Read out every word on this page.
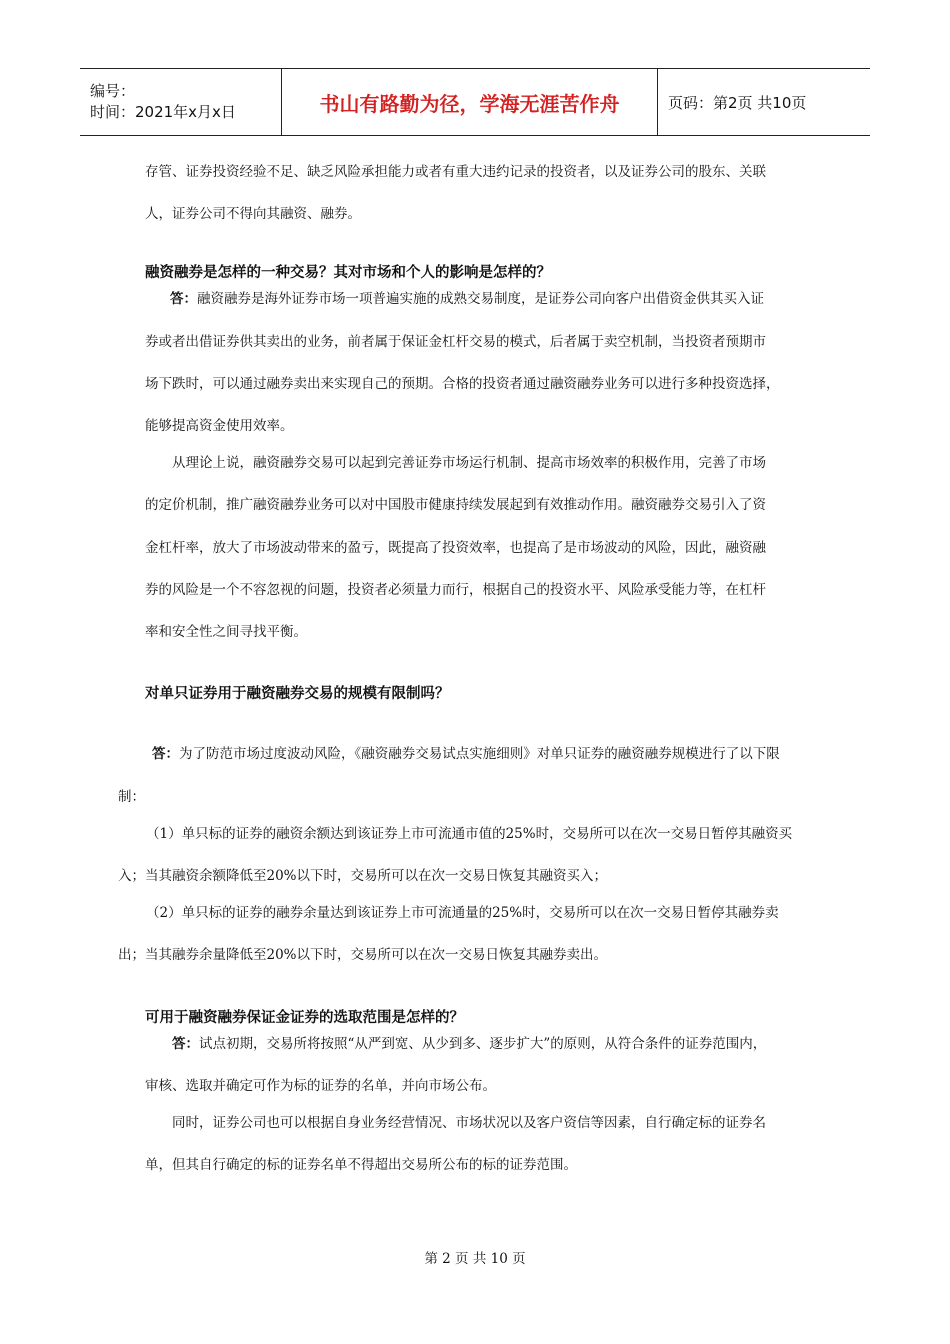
编号：
时间：2021年x月x日	书山有路勤为径，学海无涯苦作舟	页码：第2页 共10页
存管、证券投资经验不足、缺乏风险承担能力或者有重大违约记录的投资者，以及证券公司的股东、关联
人，证券公司不得向其融资、融券。
融资融券是怎样的一种交易？其对市场和个人的影响是怎样的？
答：融资融券是海外证券市场一项普遍实施的成熟交易制度，是证券公司向客户出借资金供其买入证
券或者出借证券供其卖出的业务，前者属于保证金杠杆交易的模式，后者属于卖空机制，当投资者预期市
场下跌时，可以通过融券卖出来实现自己的预期。合格的投资者通过融资融券业务可以进行多种投资选择，
能够提高资金使用效率。
从理论上说，融资融券交易可以起到完善证券市场运行机制、提高市场效率的积极作用，完善了市场
的定价机制，推广融资融券业务可以对中国股市健康持续发展起到有效推动作用。融资融券交易引入了资
金杠杆率，放大了市场波动带来的盈亏，既提高了投资效率，也提高了是市场波动的风险，因此，融资融
券的风险是一个不容忽视的问题，投资者必须量力而行，根据自己的投资水平、风险承受能力等，在杠杆
率和安全性之间寻找平衡。
对单只证券用于融资融券交易的规模有限制吗？
答：为了防范市场过度波动风险，《融资融券交易试点实施细则》对单只证券的融资融券规模进行了以下限
制：
（1）单只标的证券的融资余额达到该证券上市可流通市值的25%时，交易所可以在次一交易日暂停其融资买
入；当其融资余额降低至20%以下时，交易所可以在次一交易日恢复其融资买入；
（2）单只标的证券的融券余量达到该证券上市可流通量的25%时，交易所可以在次一交易日暂停其融券卖
出；当其融券余量降低至20%以下时，交易所可以在次一交易日恢复其融券卖出。
可用于融资融券保证金证券的选取范围是怎样的？
答：试点初期，交易所将按照“从严到宽、从少到多、逐步扩大”的原则，从符合条件的证券范围内，
审核、选取并确定可作为标的证券的名单，并向市场公布。
同时，证券公司也可以根据自身业务经营情况、市场状况以及客户资信等因素，自行确定标的证券名
单，但其自行确定的标的证券名单不得超出交易所公布的标的证券范围。
第 2 页 共 10 页
